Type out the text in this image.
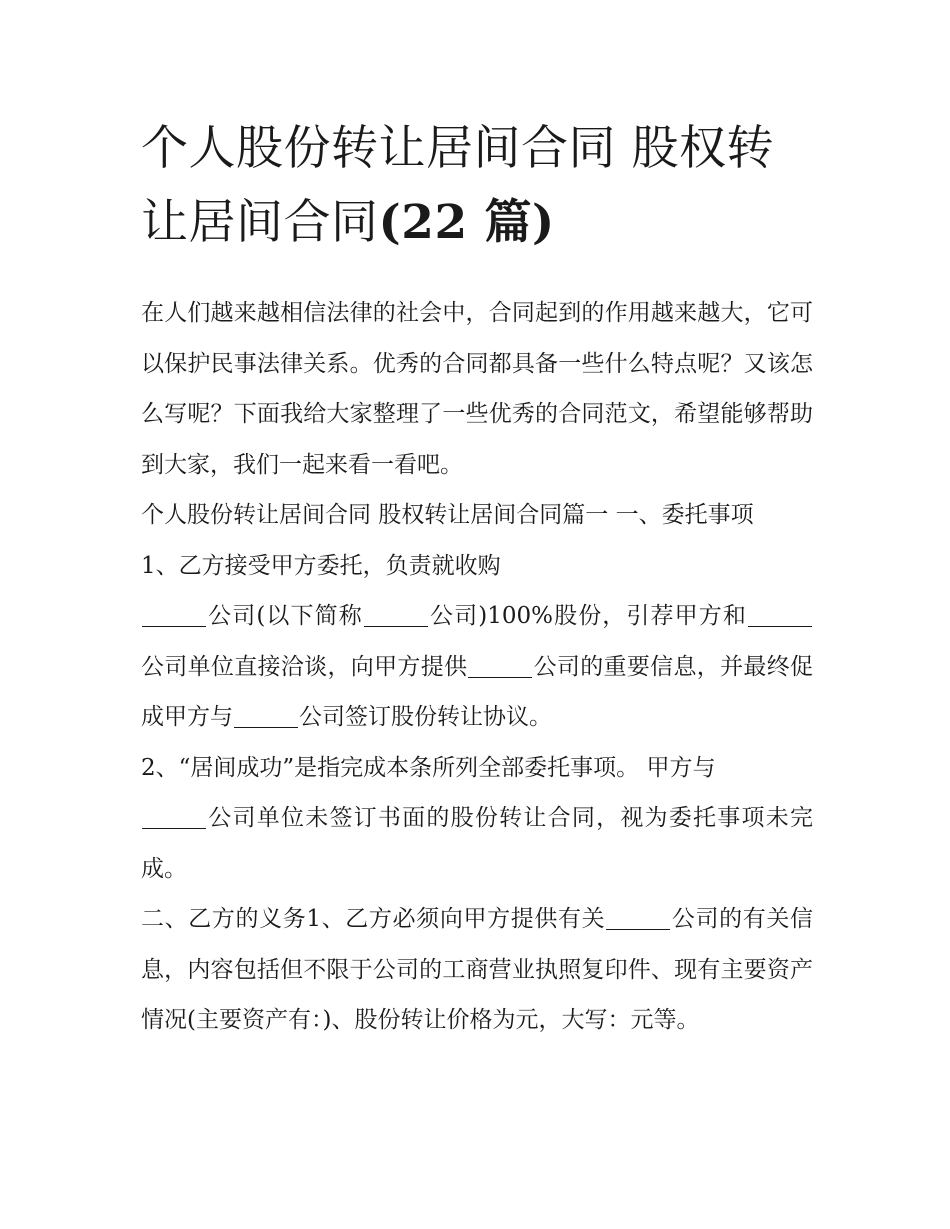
个人股份转让居间合同 股权转让居间合同(22 篇)

在人们越来越相信法律的社会中，合同起到的作用越来越大，它可以保护民事法律关系。优秀的合同都具备一些什么特点呢？又该怎么写呢？下面我给大家整理了一些优秀的合同范文，希望能够帮助到大家，我们一起来看一看吧。

个人股份转让居间合同 股权转让居间合同篇一 一、委托事项

1、乙方接受甲方委托，负责就收购

公司(以下简称	公司)100%股份，引荐甲方和公司单位直接洽谈，向甲方提供	公司的重要信息，并最终促成甲方与	公司签订股份转让协议。

2、“居间成功”是指完成本条所列全部委托事项。 甲方与
公司单位未签订书面的股份转让合同，视为委托事项未完成。

二、乙方的义务1、乙方必须向甲方提供有关	公司的有关信息，内容包括但不限于公司的工商营业执照复印件、现有主要资产情况(主要资产有：)、股份转让价格为元，大写：元等。
